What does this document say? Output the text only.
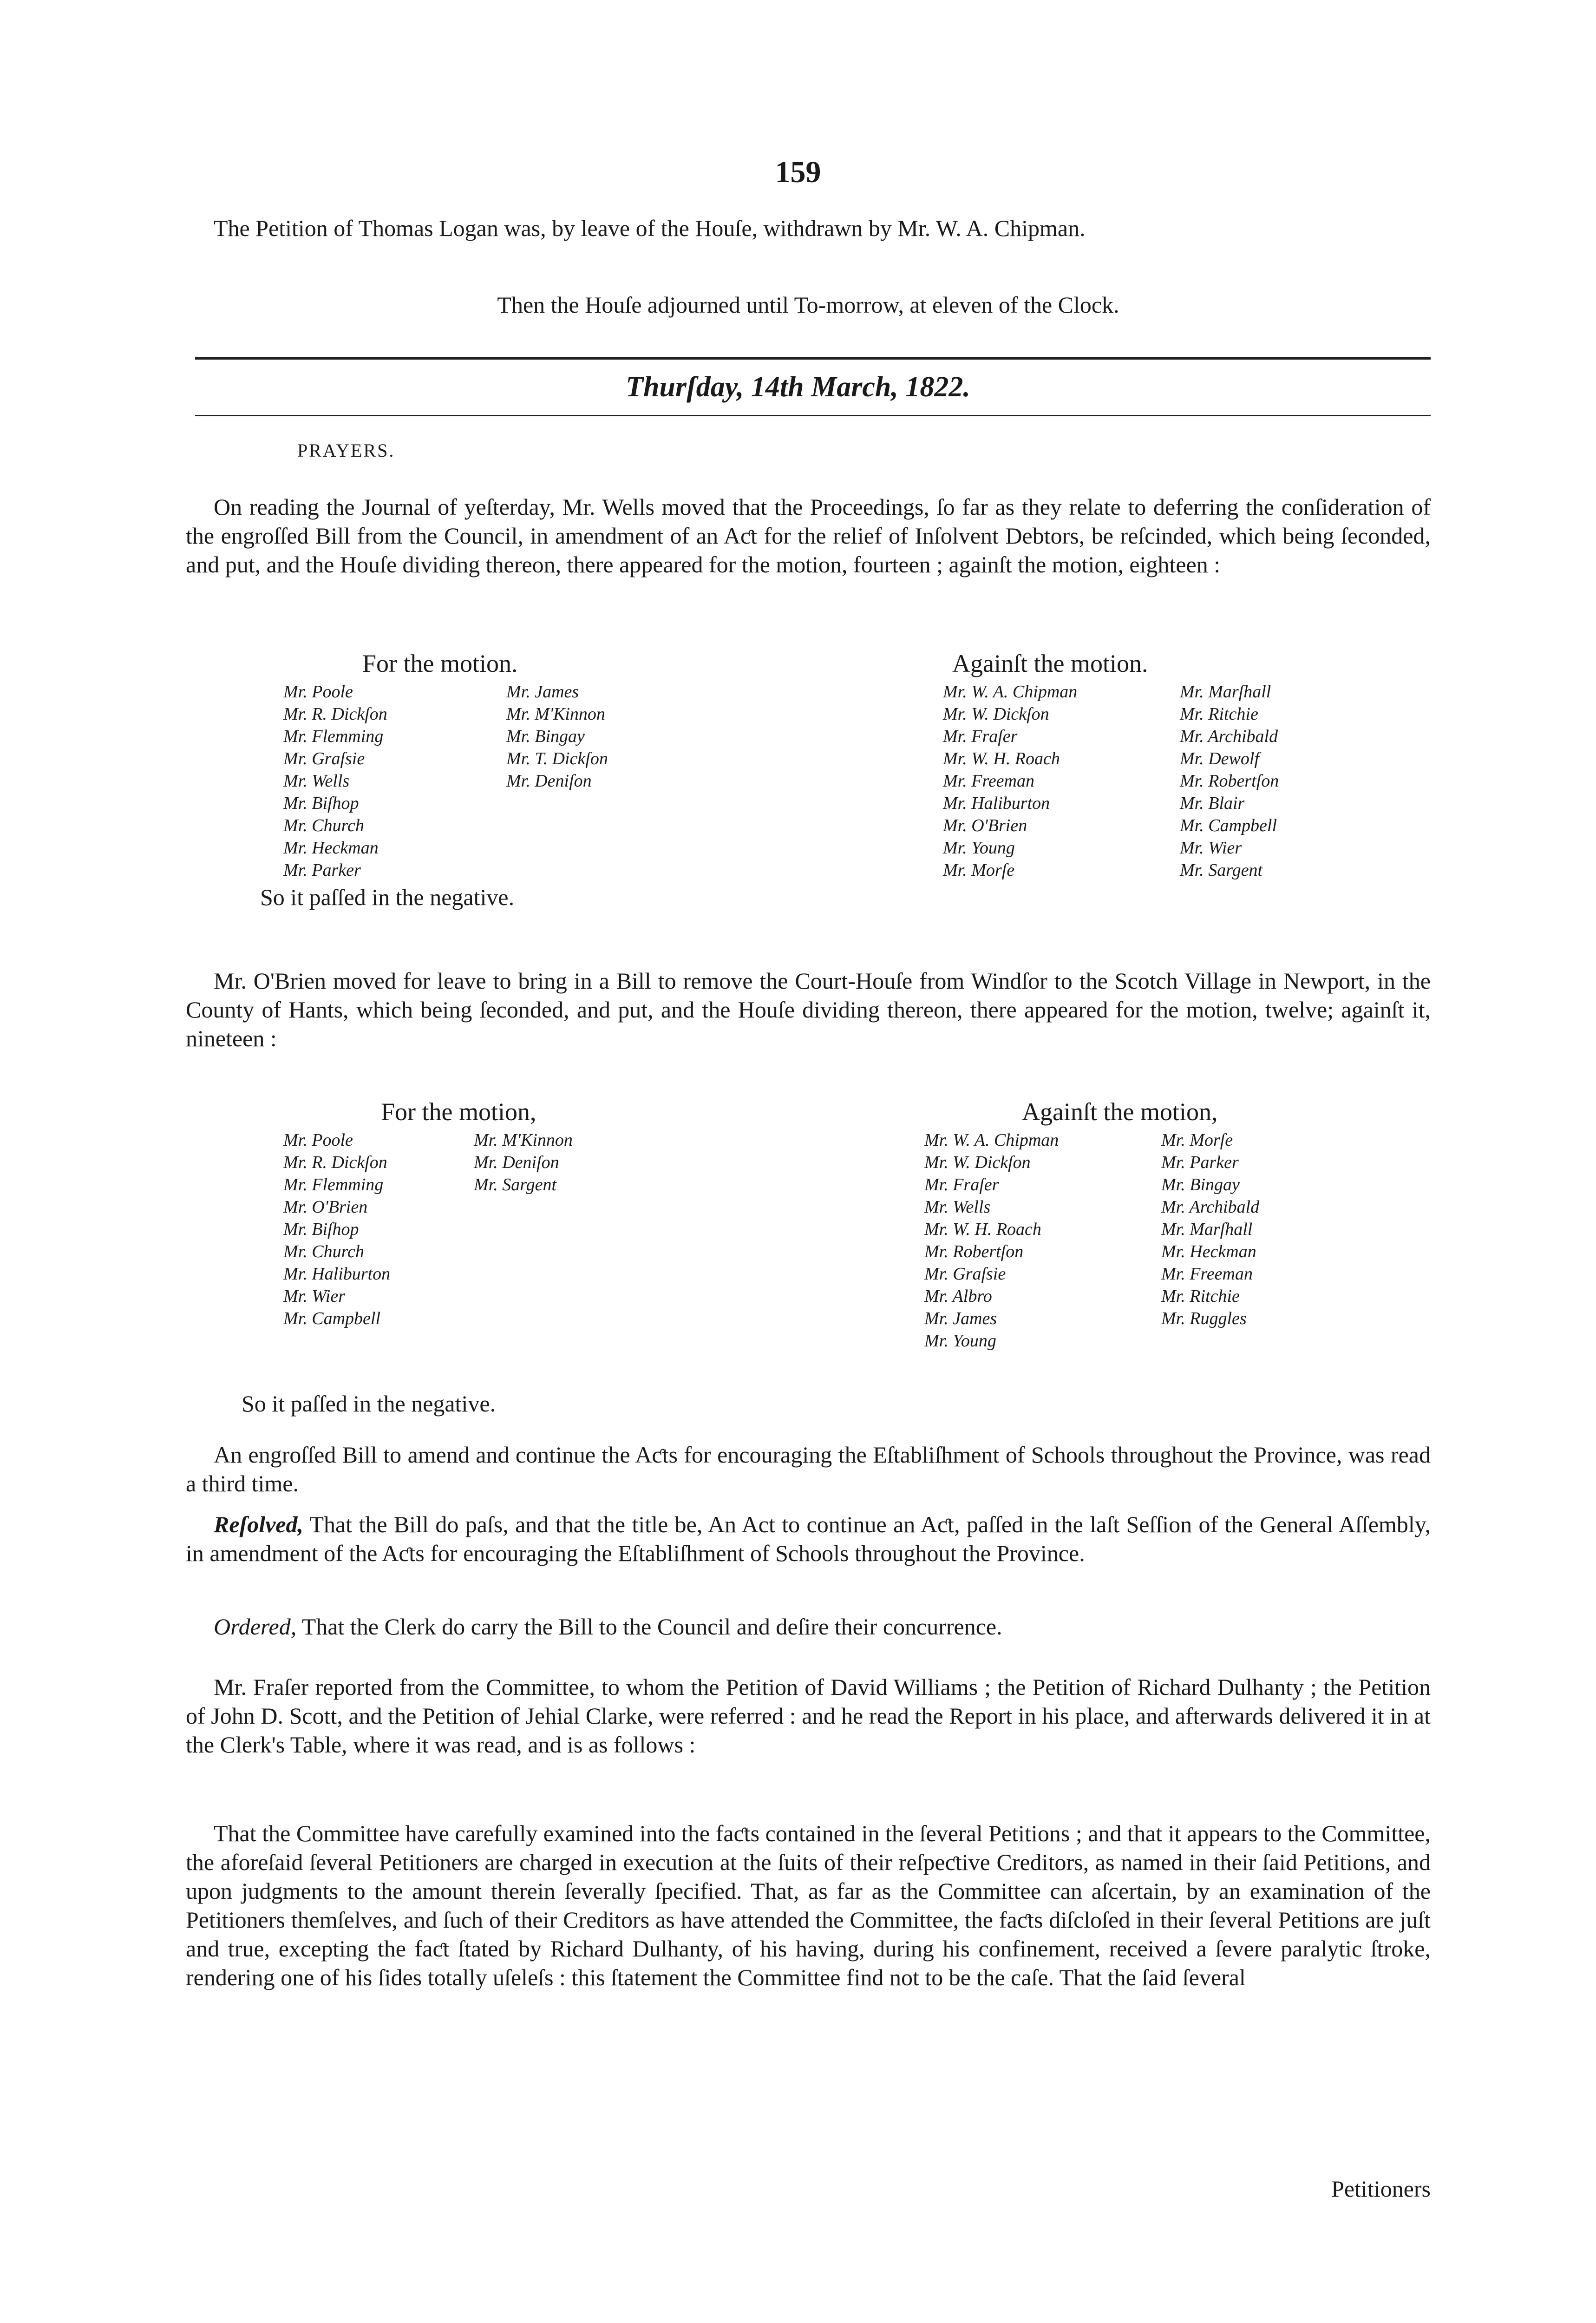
159

The Petition of Thomas Logan was, by leave of the Houſe, withdrawn by Mr. W. A. Chipman.

Then the Houſe adjourned until To-morrow, at eleven of the Clock.

Thurſday, 14th March, 1822.
PRAYERS.

On reading the Journal of yeſterday, Mr. Wells moved that the Proceedings, ſo far as they relate to deferring the conſideration of the engroſſed Bill from the Council, in amendment of an Aƈt for the relief of Inſolvent Debtors, be reſcinded, which being ſeconded, and put, and the Houſe dividing thereon, there appeared for the motion, fourteen ; againſt the motion, eighteen :

For the motion.	Againſt the motion.
Mr. Poole
Mr. R. Dickſon
Mr. Flemming
Mr. Graſsie
Mr. Wells
Mr. Biſhop
Mr. Church
Mr. Heckman
Mr. Parker
Mr. James
Mr. M'Kinnon
Mr. Bingay
Mr. T. Dickſon
Mr. Deniſon
Mr. W. A. Chipman
Mr. W. Dickſon
Mr. Fraſer
Mr. W. H. Roach
Mr. Freeman
Mr. Haliburton
Mr. O'Brien
Mr. Young
Mr. Morſe
Mr. Marſhall
Mr. Ritchie
Mr. Archibald
Mr. Dewolf
Mr. Robertſon
Mr. Blair
Mr. Campbell
Mr. Wier
Mr. Sargent
So it paſſed in the negative.

Mr. O'Brien moved for leave to bring in a Bill to remove the Court-Houſe from Windſor to the Scotch Village in Newport, in the County of Hants, which being ſeconded, and put, and the Houſe dividing thereon, there appeared for the motion, twelve; againſt it, nineteen :

For the motion,	Againſt the motion,
Mr. Poole
Mr. R. Dickſon
Mr. Flemming
Mr. O'Brien
Mr. Biſhop
Mr. Church
Mr. Haliburton
Mr. Wier
Mr. Campbell
Mr. M'Kinnon
Mr. Deniſon
Mr. Sargent
Mr. W. A. Chipman
Mr. W. Dickſon
Mr. Fraſer
Mr. Wells
Mr. W. H. Roach
Mr. Robertſon
Mr. Graſsie
Mr. Albro
Mr. James
Mr. Young
Mr. Morſe
Mr. Parker
Mr. Bingay
Mr. Archibald
Mr. Marſhall
Mr. Heckman
Mr. Freeman
Mr. Ritchie
Mr. Ruggles
So it paſſed in the negative.

An engroſſed Bill to amend and continue the Aƈts for encouraging the Eſtabliſhment of Schools throughout the Province, was read a third time.

Reſolved, That the Bill do paſs, and that the title be, An Act to continue an Aƈt, paſſed in the laſt Seſſion of the General Aſſembly, in amendment of the Aƈts for encouraging the Eſtabliſhment of Schools throughout the Province.

Ordered, That the Clerk do carry the Bill to the Council and deſire their concurrence.

Mr. Fraſer reported from the Committee, to whom the Petition of David Williams ; the Petition of Richard Dulhanty ; the Petition of John D. Scott, and the Petition of Jehial Clarke, were referred : and he read the Report in his place, and afterwards delivered it in at the Clerk's Table, where it was read, and is as follows :

That the Committee have carefully examined into the faƈts contained in the ſeveral Petitions ; and that it appears to the Committee, the aforeſaid ſeveral Petitioners are charged in execution at the ſuits of their reſpeƈtive Creditors, as named in their ſaid Petitions, and upon judgments to the amount therein ſeverally ſpecified. That, as far as the Committee can aſcertain, by an examination of the Petitioners themſelves, and ſuch of their Creditors as have attended the Committee, the faƈts diſcloſed in their ſeveral Petitions are juſt and true, excepting the faƈt ſtated by Richard Dulhanty, of his having, during his confinement, received a ſevere paralytic ſtroke, rendering one of his ſides totally uſeleſs : this ſtatement the Committee find not to be the caſe. That the ſaid ſeveral

Petitioners
